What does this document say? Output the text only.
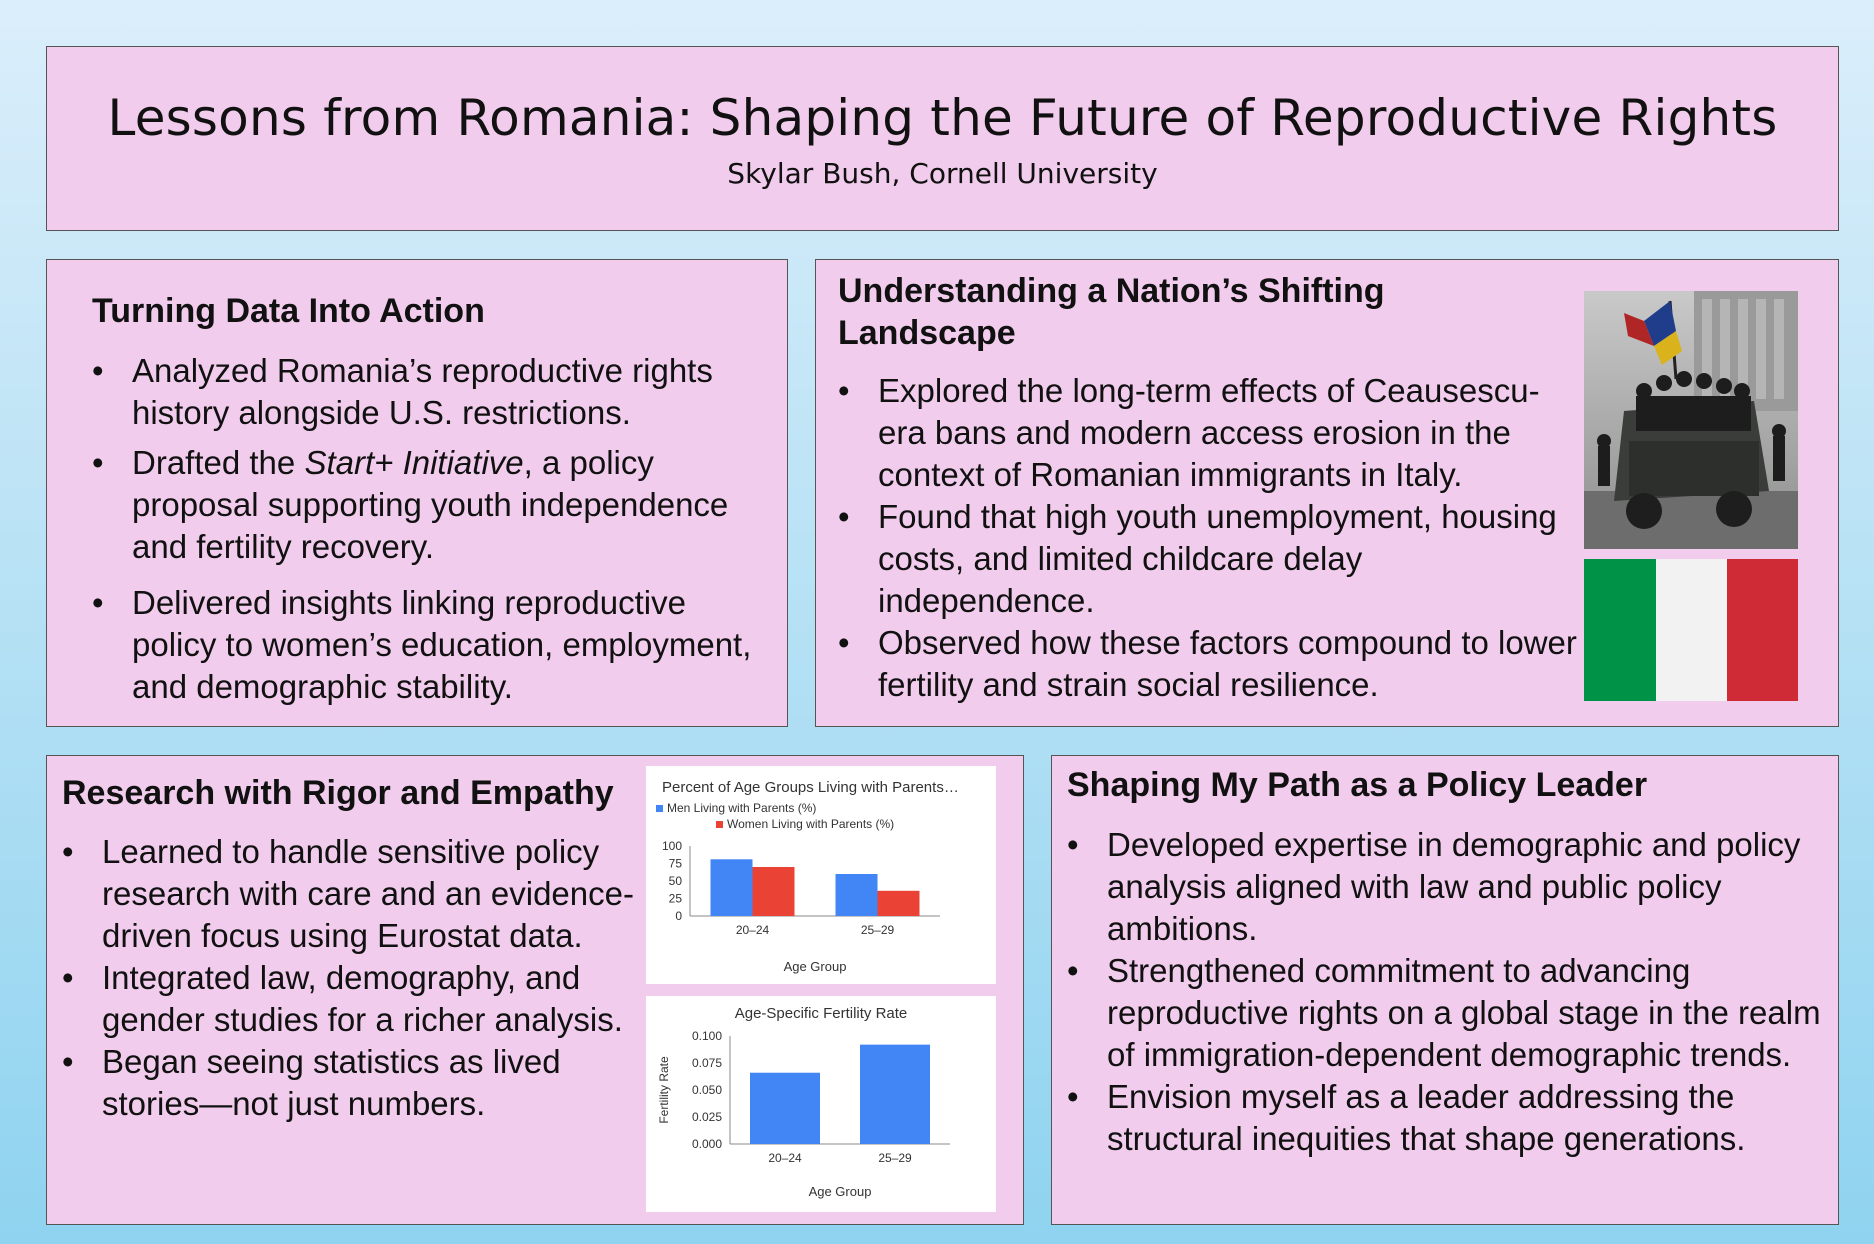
Lessons from Romania: Shaping the Future of Reproductive Rights
Skylar Bush, Cornell University
Turning Data Into Action
• Analyzed Romania’s reproductive rights history alongside U.S. restrictions.
• Drafted the Start+ Initiative, a policy proposal supporting youth independence and fertility recovery.
• Delivered insights linking reproductive policy to women’s education, employment, and demographic stability.
Understanding a Nation’s Shifting
Landscape
• Explored the long-term effects of Ceausescu-era bans and modern access erosion in the context of Romanian immigrants in Italy.
• Found that high youth unemployment, housing costs, and limited childcare delay independence.
• Observed how these factors compound to lower fertility and strain social resilience.
Research with Rigor and Empathy
• Learned to handle sensitive policy research with care and an evidence-driven focus using Eurostat data.
• Integrated law, demography, and gender studies for a richer analysis.
• Began seeing statistics as lived stories—not just numbers.
Percent of Age Groups Living with Parents…
Men Living with Parents (%)
Women Living with Parents (%)
100
75
50
25
0
20–24	25–29
Age Group
Age-Specific Fertility Rate
0.100
0.075
0.050
0.025
0.000
20–24	25–29
Age Group
Fertility Rate
Shaping My Path as a Policy Leader
• Developed expertise in demographic and policy analysis aligned with law and public policy ambitions.
• Strengthened commitment to advancing reproductive rights on a global stage in the realm of immigration-dependent demographic trends.
• Envision myself as a leader addressing the structural inequities that shape generations.
